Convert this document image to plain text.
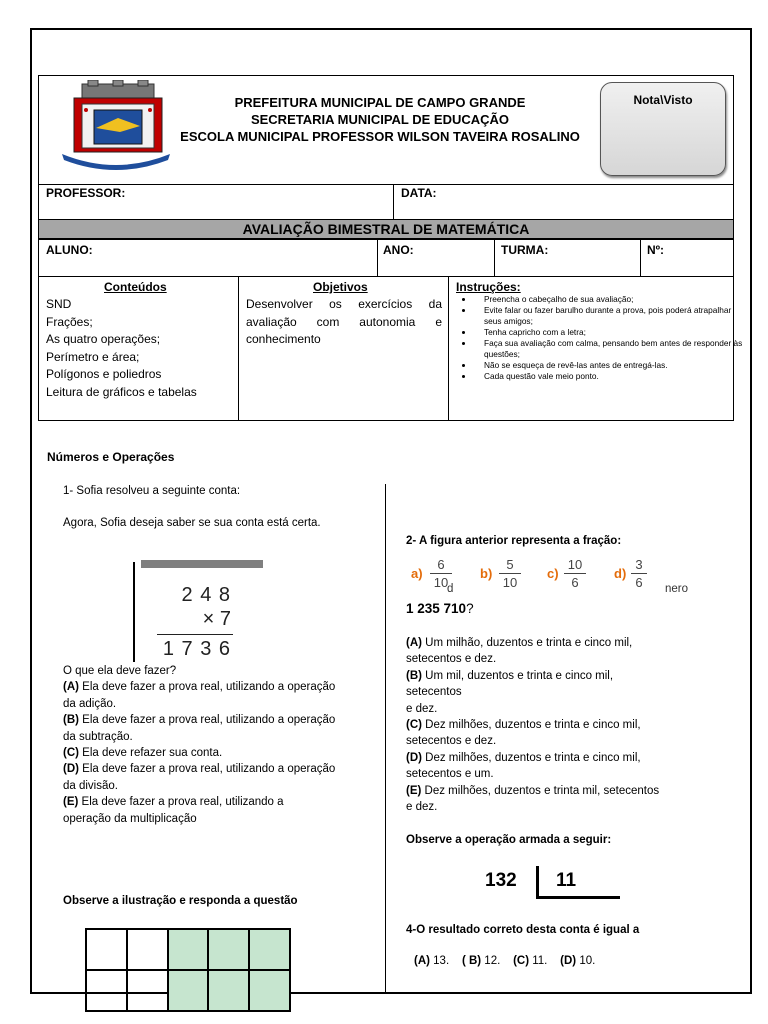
PREFEITURA MUNICIPAL DE CAMPO GRANDE
SECRETARIA MUNICIPAL DE EDUCAÇÃO
ESCOLA MUNICIPAL PROFESSOR WILSON TAVEIRA ROSALINO
Nota\Visto
PROFESSOR:	DATA:
AVALIAÇÃO BIMESTRAL DE MATEMÁTICA
ALUNO:	ANO:	TURMA:	Nº:
Conteúdos
SND
Frações;
As quatro operações;
Perímetro e área;
Polígonos e poliedros
Leitura de gráficos e tabelas
Objetivos
Desenvolver os exercícios da avaliação com autonomia e conhecimento
Instruções:
• Preencha o cabeçalho de sua avaliação;
• Evite falar ou fazer barulho durante a prova, pois poderá atrapalhar seus amigos;
• Tenha capricho com a letra;
• Faça sua avaliação com calma, pensando bem antes de responder às questões;
• Não se esqueça de revê-las antes de entregá-las.
• Cada questão vale meio ponto.
Números e Operações
1- Sofia resolveu a seguinte conta:
Agora, Sofia deseja saber se sua conta está certa.
2 4 8
× 7
1 7 3 6
O que ela deve fazer?
(A) Ela deve fazer a prova real, utilizando a operação
da adição.
(B) Ela deve fazer a prova real, utilizando a operação
da subtração.
(C) Ela deve refazer sua conta.
(D) Ela deve fazer a prova real, utilizando a operação
da divisão.
(E) Ela deve fazer a prova real, utilizando a
operação da multiplicação
Observe a ilustração e responda a questão
2- A figura anterior representa a fração:
d	nero
a)
6
10
b)
5
10
c)
10
6
d)
3
6
1 235 710?
(A) Um milhão, duzentos e trinta e cinco mil,
setecentos e dez.
(B) Um mil, duzentos e trinta e cinco mil,
setecentos
e dez.
(C) Dez milhões, duzentos e trinta e cinco mil,
setecentos e dez.
(D) Dez milhões, duzentos e trinta e cinco mil,
setecentos e um.
(E) Dez milhões, duzentos e trinta mil, setecentos
e dez.
Observe a operação armada a seguir:
132 11
4-O resultado correto desta conta é igual a
(A) 13. ( B) 12. (C) 11. (D) 10.
